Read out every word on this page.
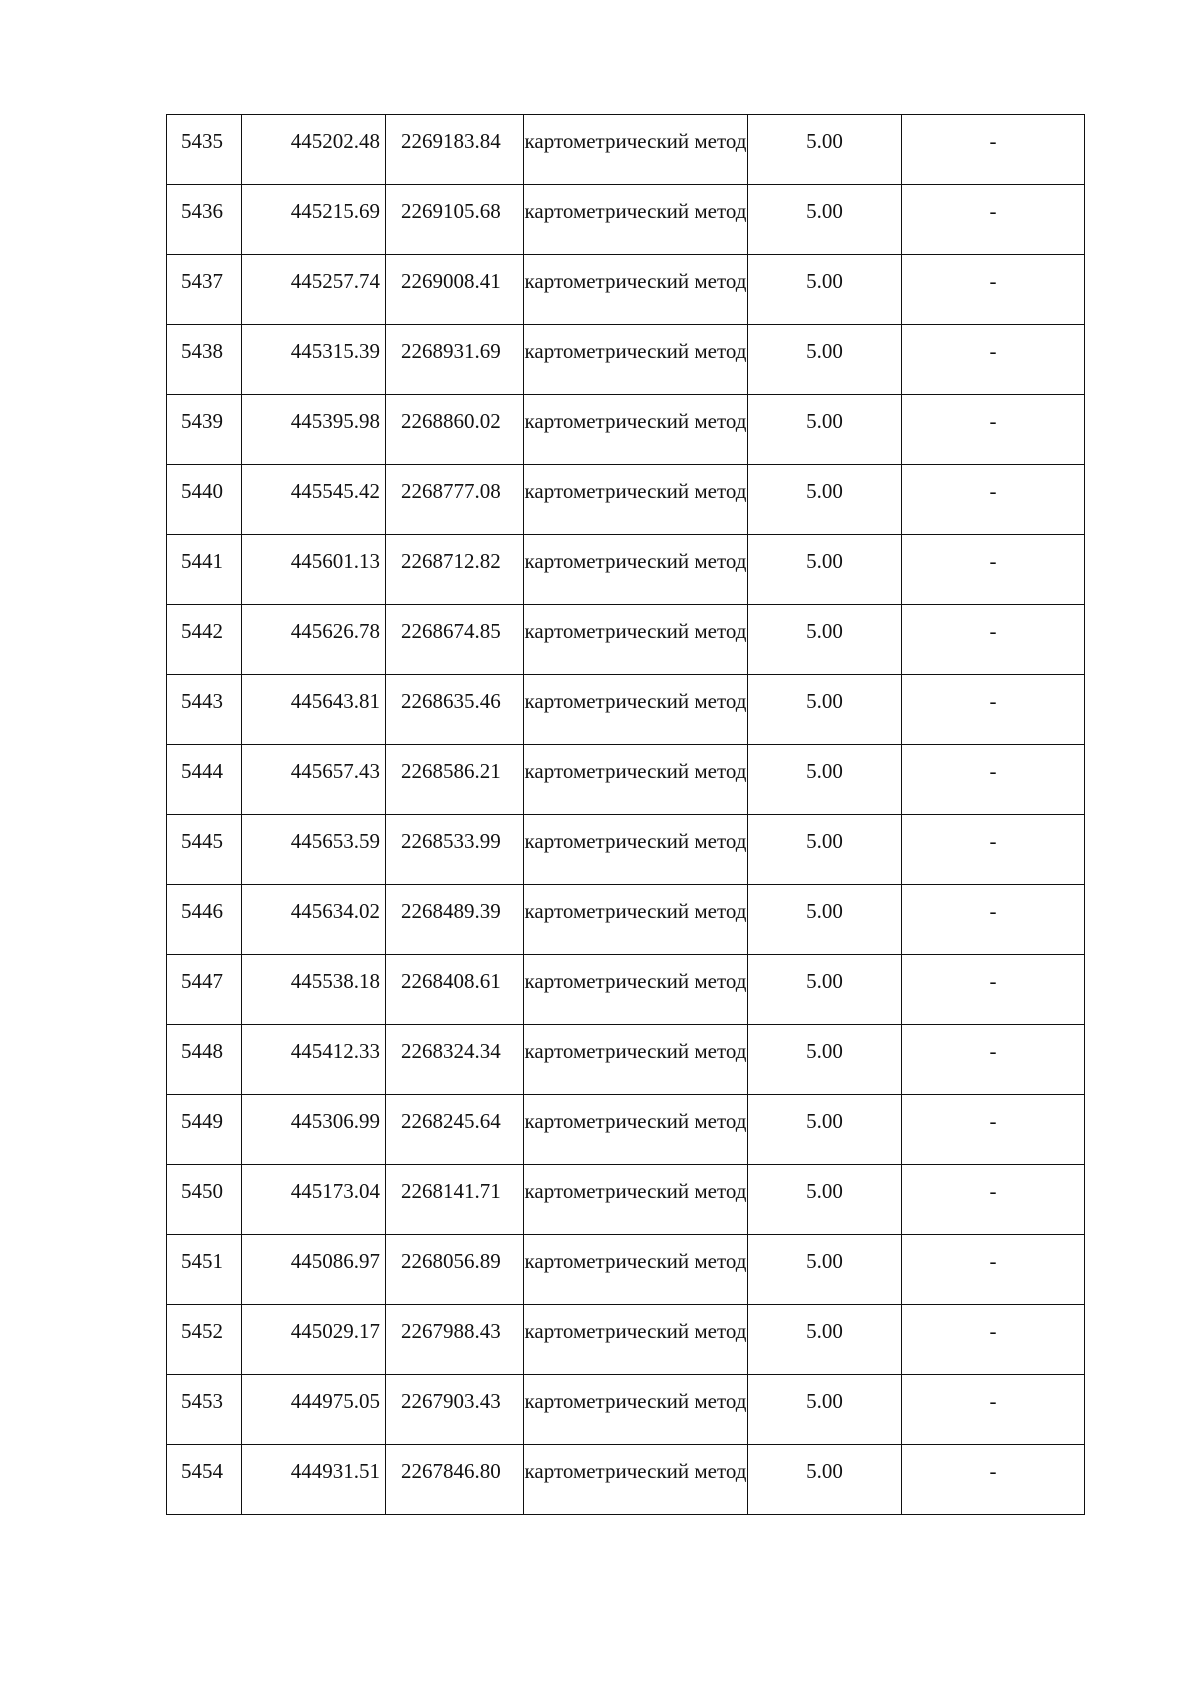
5435	445202.48	2269183.84	картометрический метод	5.00	-
5436	445215.69	2269105.68	картометрический метод	5.00	-
5437	445257.74	2269008.41	картометрический метод	5.00	-
5438	445315.39	2268931.69	картометрический метод	5.00	-
5439	445395.98	2268860.02	картометрический метод	5.00	-
5440	445545.42	2268777.08	картометрический метод	5.00	-
5441	445601.13	2268712.82	картометрический метод	5.00	-
5442	445626.78	2268674.85	картометрический метод	5.00	-
5443	445643.81	2268635.46	картометрический метод	5.00	-
5444	445657.43	2268586.21	картометрический метод	5.00	-
5445	445653.59	2268533.99	картометрический метод	5.00	-
5446	445634.02	2268489.39	картометрический метод	5.00	-
5447	445538.18	2268408.61	картометрический метод	5.00	-
5448	445412.33	2268324.34	картометрический метод	5.00	-
5449	445306.99	2268245.64	картометрический метод	5.00	-
5450	445173.04	2268141.71	картометрический метод	5.00	-
5451	445086.97	2268056.89	картометрический метод	5.00	-
5452	445029.17	2267988.43	картометрический метод	5.00	-
5453	444975.05	2267903.43	картометрический метод	5.00	-
5454	444931.51	2267846.80	картометрический метод	5.00	-
